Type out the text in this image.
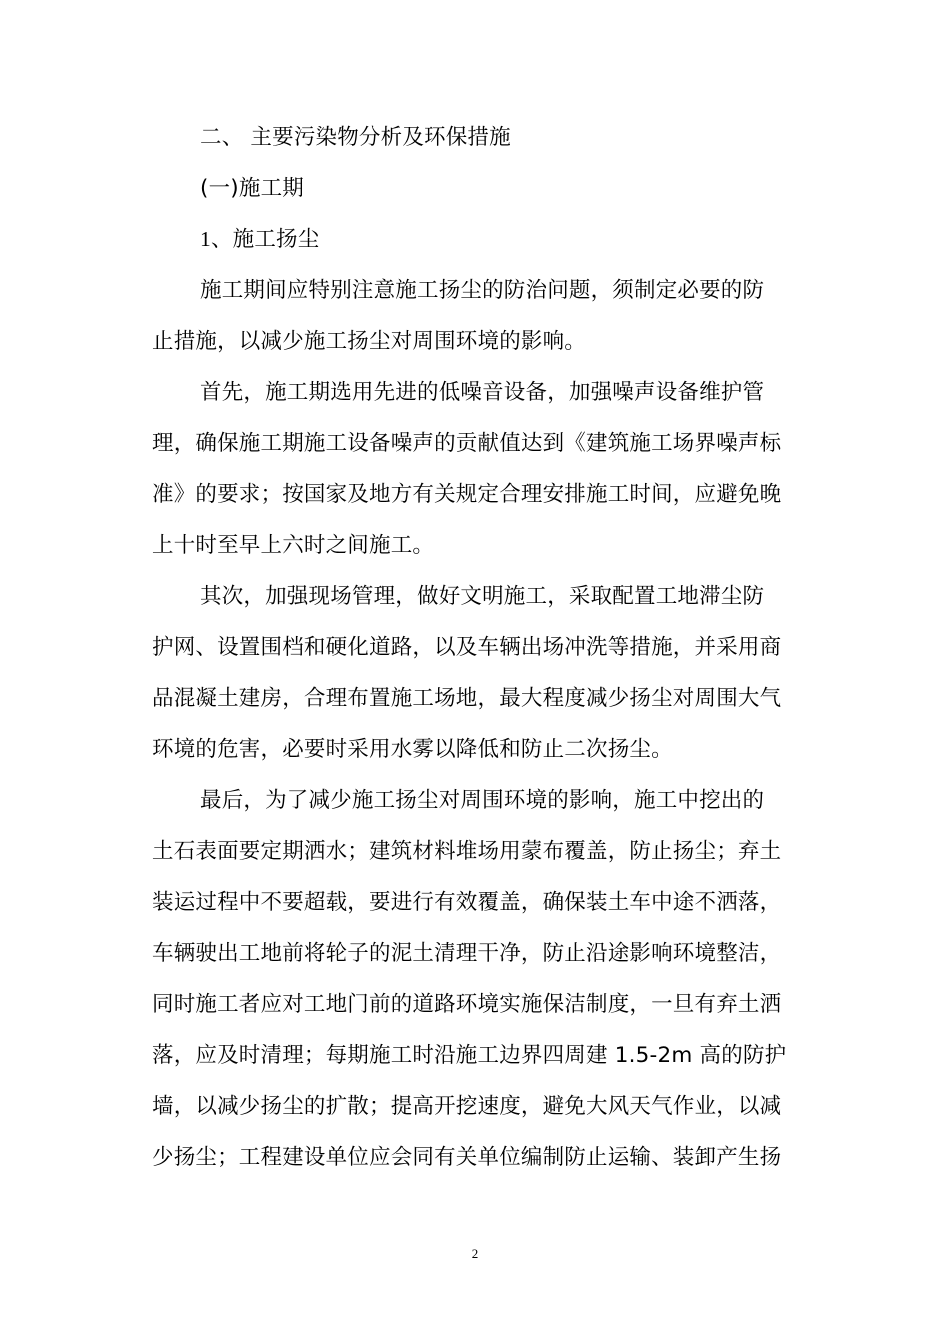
二、 主要污染物分析及环保措施
(一)施工期
1、施工扬尘
施工期间应特别注意施工扬尘的防治问题，须制定必要的防
止措施，以减少施工扬尘对周围环境的影响。
首先，施工期选用先进的低噪音设备，加强噪声设备维护管
理，确保施工期施工设备噪声的贡献值达到《建筑施工场界噪声标
准》的要求；按国家及地方有关规定合理安排施工时间，应避免晚
上十时至早上六时之间施工。
其次，加强现场管理，做好文明施工，采取配置工地滞尘防
护网、设置围档和硬化道路，以及车辆出场冲洗等措施，并采用商
品混凝土建房，合理布置施工场地，最大程度减少扬尘对周围大气
环境的危害，必要时采用水雾以降低和防止二次扬尘。
最后，为了减少施工扬尘对周围环境的影响，施工中挖出的
土石表面要定期洒水；建筑材料堆场用蒙布覆盖，防止扬尘；弃土
装运过程中不要超载，要进行有效覆盖，确保装土车中途不洒落，
车辆驶出工地前将轮子的泥土清理干净，防止沿途影响环境整洁，
同时施工者应对工地门前的道路环境实施保洁制度，一旦有弃土洒
落，应及时清理；每期施工时沿施工边界四周建 1.5-2m 高的防护
墙，以减少扬尘的扩散；提高开挖速度，避免大风天气作业，以减
少扬尘；工程建设单位应会同有关单位编制防止运输、装卸产生扬
2
